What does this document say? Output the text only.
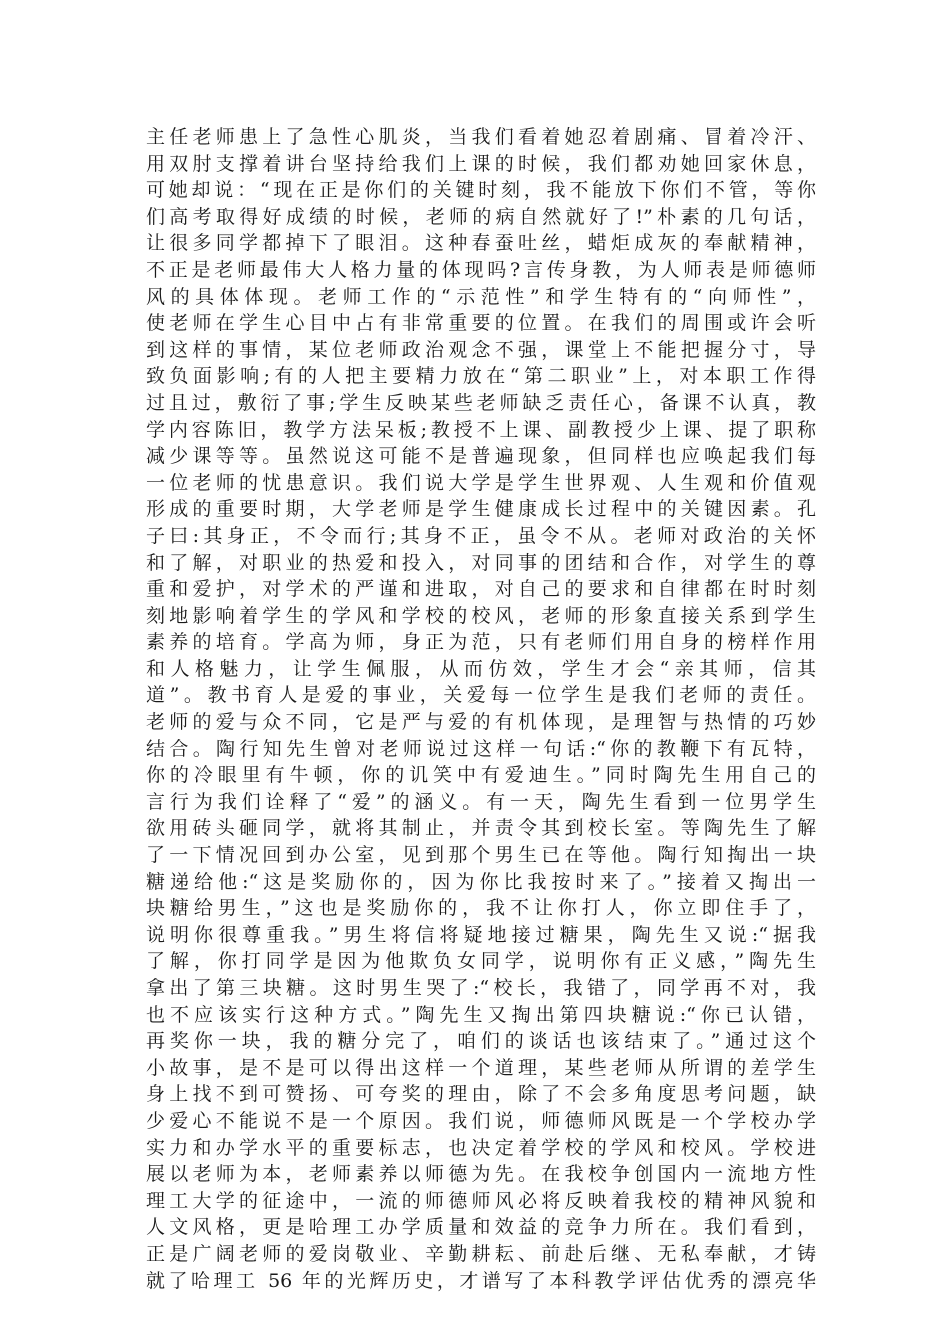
主任老师患上了急性心肌炎，当我们看着她忍着剧痛、冒着冷汗、
用双肘支撑着讲台坚持给我们上课的时候，我们都劝她回家休息，
可她却说：“现在正是你们的关键时刻，我不能放下你们不管，等你
们高考取得好成绩的时候，老师的病自然就好了!”朴素的几句话，
让很多同学都掉下了眼泪。这种春蚕吐丝，蜡炬成灰的奉献精神，
不正是老师最伟大人格力量的体现吗?言传身教，为人师表是师德师
风的具体体现。老师工作的“示范性”和学生特有的“向师性”，
使老师在学生心目中占有非常重要的位置。在我们的周围或许会听
到这样的事情，某位老师政治观念不强，课堂上不能把握分寸，导
致负面影响;有的人把主要精力放在“第二职业”上，对本职工作得
过且过，敷衍了事;学生反映某些老师缺乏责任心，备课不认真，教
学内容陈旧，教学方法呆板;教授不上课、副教授少上课、提了职称
减少课等等。虽然说这可能不是普遍现象，但同样也应唤起我们每
一位老师的忧患意识。我们说大学是学生世界观、人生观和价值观
形成的重要时期，大学老师是学生健康成长过程中的关键因素。孔
子曰:其身正，不令而行;其身不正，虽令不从。老师对政治的关怀
和了解，对职业的热爱和投入，对同事的团结和合作，对学生的尊
重和爱护，对学术的严谨和进取，对自己的要求和自律都在时时刻
刻地影响着学生的学风和学校的校风，老师的形象直接关系到学生
素养的培育。学高为师，身正为范，只有老师们用自身的榜样作用
和人格魅力，让学生佩服，从而仿效，学生才会“亲其师，信其
道”。教书育人是爱的事业，关爱每一位学生是我们老师的责任。
老师的爱与众不同，它是严与爱的有机体现，是理智与热情的巧妙
结合。陶行知先生曾对老师说过这样一句话:“你的教鞭下有瓦特，
你的冷眼里有牛顿，你的讥笑中有爱迪生。”同时陶先生用自己的
言行为我们诠释了“爱”的涵义。有一天，陶先生看到一位男学生
欲用砖头砸同学，就将其制止，并责令其到校长室。等陶先生了解
了一下情况回到办公室，见到那个男生已在等他。陶行知掏出一块
糖递给他:“这是奖励你的，因为你比我按时来了。”接着又掏出一
块糖给男生，”这也是奖励你的，我不让你打人，你立即住手了，
说明你很尊重我。”男生将信将疑地接过糖果，陶先生又说:“据我
了解，你打同学是因为他欺负女同学，说明你有正义感，”陶先生
拿出了第三块糖。这时男生哭了:“校长，我错了，同学再不对，我
也不应该实行这种方式。”陶先生又掏出第四块糖说:“你已认错，
再奖你一块，我的糖分完了，咱们的谈话也该结束了。”通过这个
小故事，是不是可以得出这样一个道理，某些老师从所谓的差学生
身上找不到可赞扬、可夸奖的理由，除了不会多角度思考问题，缺
少爱心不能说不是一个原因。我们说，师德师风既是一个学校办学
实力和办学水平的重要标志，也决定着学校的学风和校风。学校进
展以老师为本，老师素养以师德为先。在我校争创国内一流地方性
理工大学的征途中，一流的师德师风必将反映着我校的精神风貌和
人文风格，更是哈理工办学质量和效益的竞争力所在。我们看到，
正是广阔老师的爱岗敬业、辛勤耕耘、前赴后继、无私奉献，才铸
就了哈理工 56 年的光辉历史，才谱写了本科教学评估优秀的漂亮华
